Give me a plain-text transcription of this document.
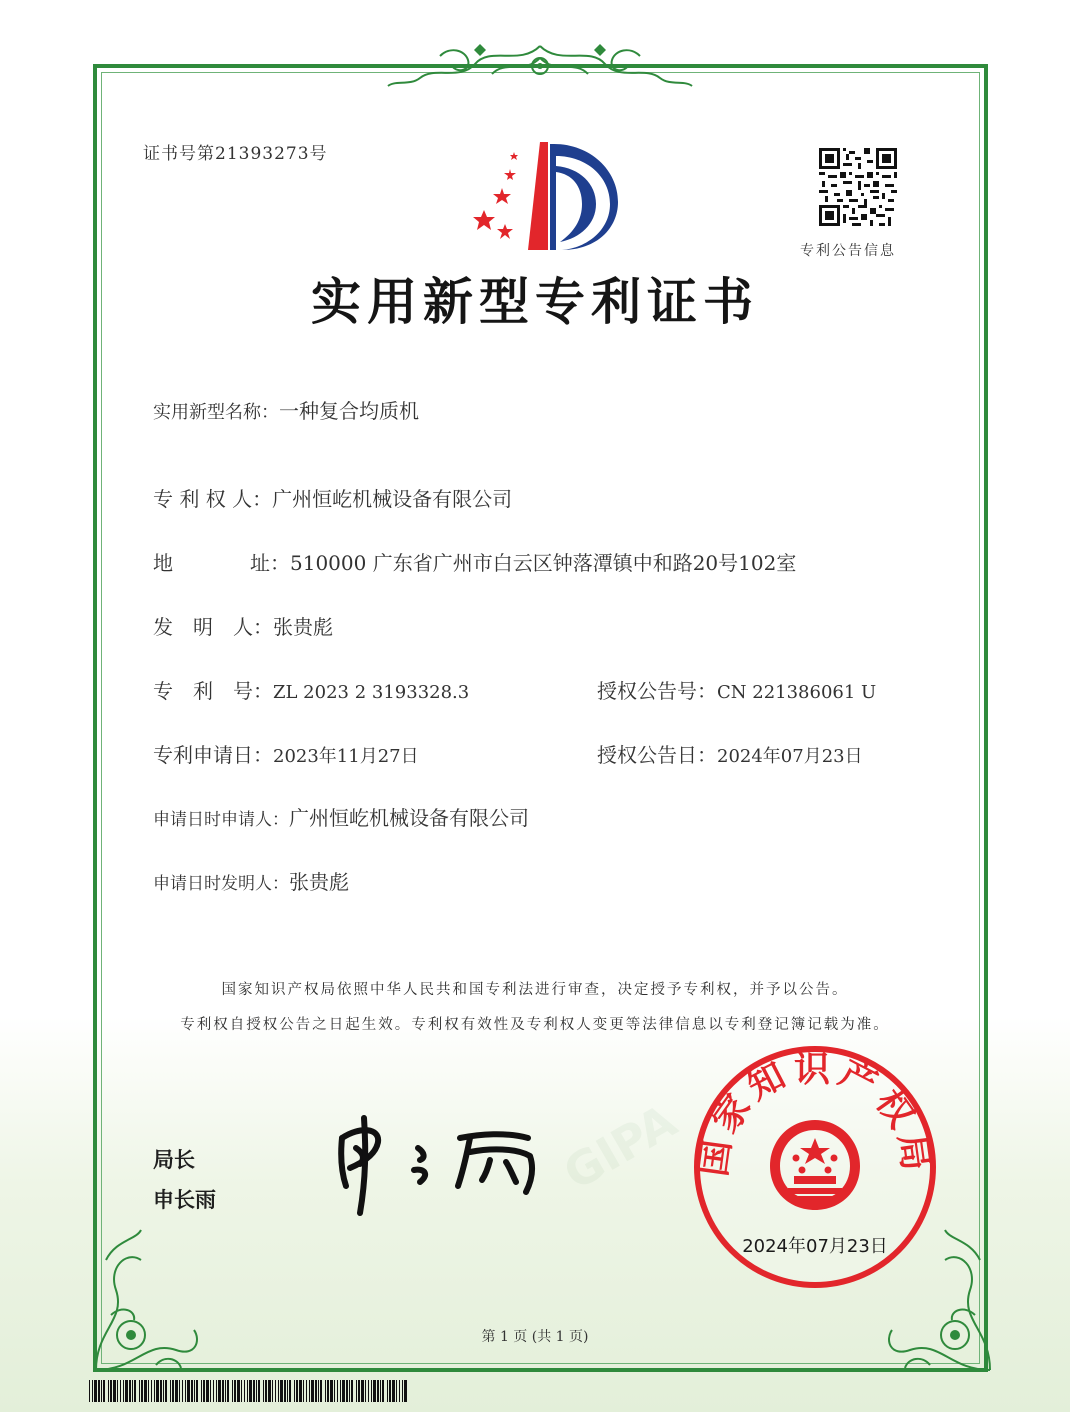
GIPA
证书号第21393273号
专利公告信息
实用新型专利证书
实用新型名称：一种复合均质机
专 利 权 人：广州恒屹机械设备有限公司
地	址：510000 广东省广州市白云区钟落潭镇中和路20号102室
发　明　人：张贵彪
专　利　号：ZL 2023 2 3193328.3	授权公告号：CN 221386061 U
专利申请日：2023年11月27日	授权公告日：2024年07月23日
申请日时申请人：广州恒屹机械设备有限公司
申请日时发明人：张贵彪
国家知识产权局依照中华人民共和国专利法进行审查，决定授予专利权，并予以公告。
专利权自授权公告之日起生效。专利权有效性及专利权人变更等法律信息以专利登记簿记载为准。
局长
申长雨
国家知识产权局
2024年07月23日
第 1 页 (共 1 页)
